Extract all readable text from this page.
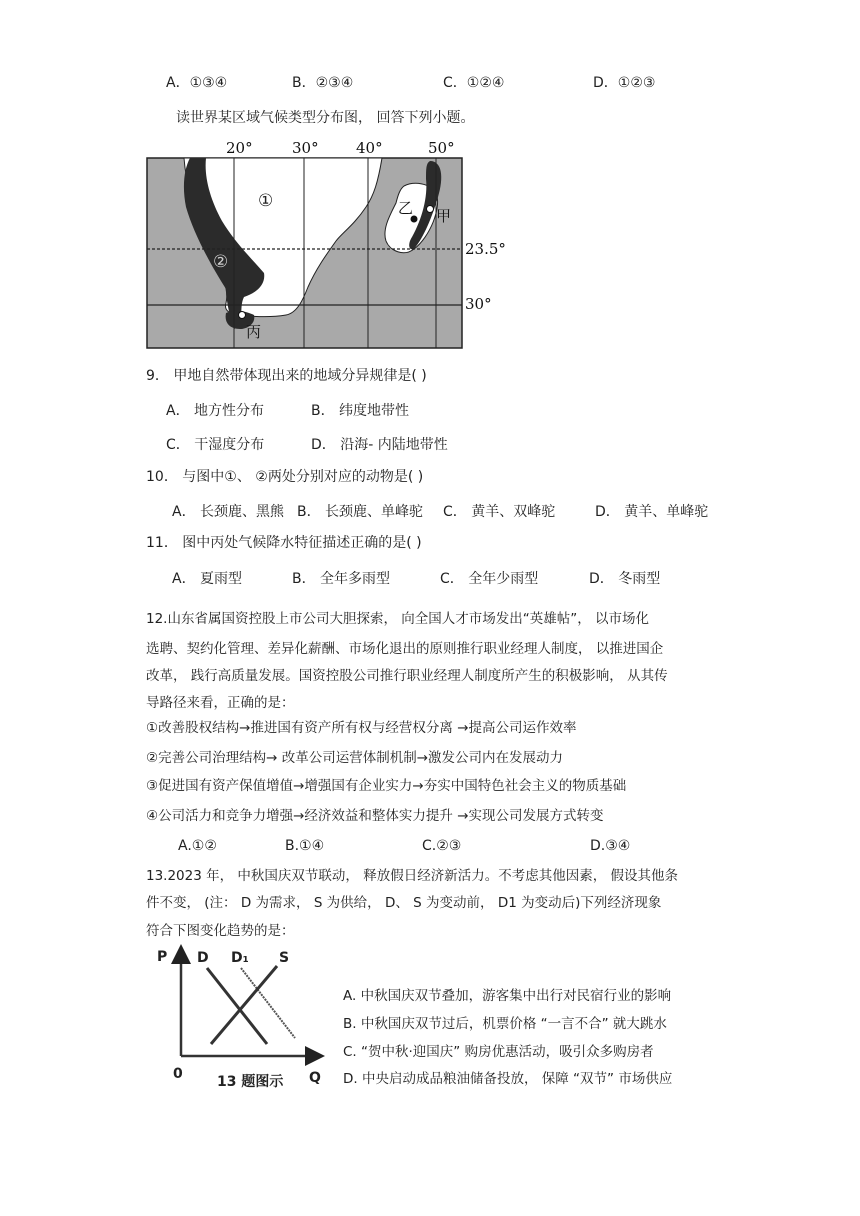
A．①③④	B．②③④	C．①②④	D．①②③
读世界某区域气候类型分布图， 回答下列小题。
20°	30° 40°	50°
23.5°
30°
①
②
甲
乙
丙
9． 甲地自然带体现出来的地域分异规律是( )
A． 地方性分布	B． 纬度地带性
C． 干湿度分布	D． 沿海- 内陆地带性
10． 与图中①、 ②两处分别对应的动物是( )
A． 长颈鹿、黑熊 B． 长颈鹿、单峰驼 C． 黄羊、双峰驼	D． 黄羊、单峰驼
11． 图中丙处气候降水特征描述正确的是( )
A． 夏雨型	B． 全年多雨型	C． 全年少雨型	D． 冬雨型
12.山东省属国资控股上市公司大胆探索， 向全国人才市场发出“英雄帖”， 以市场化
选聘、契约化管理、差异化薪酬、市场化退出的原则推行职业经理人制度， 以推进国企
改革， 践行高质量发展。国资控股公司推行职业经理人制度所产生的积极影响， 从其传
导路径来看，正确的是：
①改善股权结构→推进国有资产所有权与经营权分离 →提高公司运作效率
②完善公司治理结构→ 改革公司运营体制机制→激发公司内在发展动力
③促进国有资产保值增值→增强国有企业实力→夯实中国特色社会主义的物质基础
④公司活力和竞争力增强→经济效益和整体实力提升 →实现公司发展方式转变
A.①②	B.①④	C.②③	D.③④
13.2023 年， 中秋国庆双节联动， 释放假日经济新活力。不考虑其他因素， 假设其他条
件不变， (注： D 为需求， S 为供给， D、 S 为变动前， D1 为变动后)下列经济现象
符合下图变化趋势的是：
P D D₁ S
0	Q
13 题图示
A. 中秋国庆双节叠加，游客集中出行对民宿行业的影响
B. 中秋国庆双节过后，机票价格 “一言不合” 就大跳水
C. “贺中秋·迎国庆” 购房优惠活动，吸引众多购房者
D. 中央启动成品粮油储备投放， 保障 “双节” 市场供应
